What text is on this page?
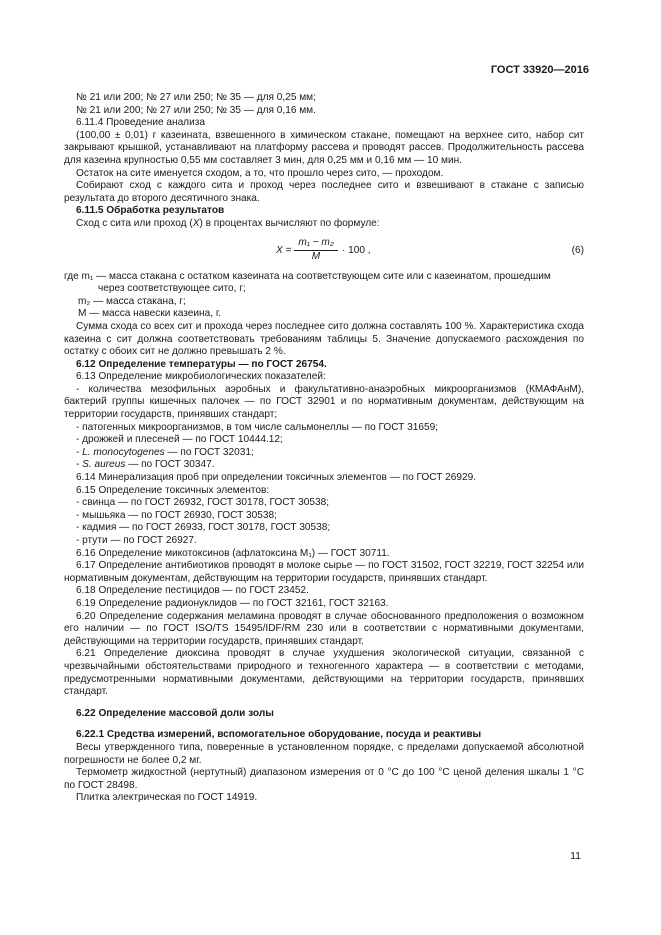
ГОСТ 33920—2016

№ 21 или 200; № 27 или 250; № 35 — для 0,25 мм;

№ 21 или 200; № 27 или 250; № 35 — для 0,16 мм.

6.11.4 Проведение анализа

(100,00 ± 0,01) г казеината, взвешенного в химическом стакане, помещают на верхнее сито, набор сит закрывают крышкой, устанавливают на платформу рассева и проводят рассев. Продолжительность рассева для казеина крупностью 0,55 мм составляет 3 мин, для 0,25 мм и 0,16 мм — 10 мин.

Остаток на сите именуется сходом, а то, что прошло через сито, — проходом.

Собирают сход с каждого сита и проход через последнее сито и взвешивают в стакане с записью результата до второго десятичного знака.

6.11.5 Обработка результатов

Сход с сита или проход (X) в процентах вычисляют по формуле:

$X = \frac{\text{m₁ − m₂}}{M} \cdot 100$ ,	(6)

где m₁ — масса стакана с остатком казеината на соответствующем сите или с казеинатом, прошедшим

через соответствующее сито, г;

m₂ — масса стакана, г;

M — масса навески казеина, г.

Сумма схода со всех сит и прохода через последнее сито должна составлять 100 %. Характеристика схода казеина с сит должна соответствовать требованиям таблицы 5. Значение допускаемого расхождения по остатку с обоих сит не должно превышать 2 %.

6.12 Определение температуры — по ГОСТ 26754.

6.13 Определение микробиологических показателей:

- количества мезофильных аэробных и факультативно-анаэробных микроорганизмов (КМАФАнМ), бактерий группы кишечных палочек — по ГОСТ 32901 и по нормативным документам, действующим на территории государств, принявших стандарт;

- патогенных микроорганизмов, в том числе сальмонеллы — по ГОСТ 31659;

- дрожжей и плесеней — по ГОСТ 10444.12;

- L. monocytogenes — по ГОСТ 32031;

- S. aureus — по ГОСТ 30347.

6.14 Минерализация проб при определении токсичных элементов — по ГОСТ 26929.

6.15 Определение токсичных элементов:

- свинца — по ГОСТ 26932, ГОСТ 30178, ГОСТ 30538;

- мышьяка — по ГОСТ 26930, ГОСТ 30538;

- кадмия — по ГОСТ 26933, ГОСТ 30178, ГОСТ 30538;

- ртути — по ГОСТ 26927.

6.16 Определение микотоксинов (афлатоксина M₁) — ГОСТ 30711.

6.17 Определение антибиотиков проводят в молоке сырье — по ГОСТ 31502, ГОСТ 32219, ГОСТ 32254 или нормативным документам, действующим на территории государств, принявших стандарт.

6.18 Определение пестицидов — по ГОСТ 23452.

6.19 Определение радионуклидов — по ГОСТ 32161, ГОСТ 32163.

6.20 Определение содержания меламина проводят в случае обоснованного предположения о возможном его наличии — по ГОСТ ISO/TS 15495/IDF/RM 230 или в соответствии с нормативными документами, действующими на территории государств, принявших стандарт.

6.21 Определение диоксина проводят в случае ухудшения экологической ситуации, связанной с чрезвычайными обстоятельствами природного и техногенного характера — в соответствии с методами, предусмотренными нормативными документами, действующими на территории государств, принявших стандарт.

6.22 Определение массовой доли золы

6.22.1 Средства измерений, вспомогательное оборудование, посуда и реактивы

Весы утвержденного типа, поверенные в установленном порядке, с пределами допускаемой абсолютной погрешности не более 0,2 мг.

Термометр жидкостной (нертутный) диапазоном измерения от 0 °С до 100 °С ценой деления шкалы 1 °С по ГОСТ 28498.

Плитка электрическая по ГОСТ 14919.

11
